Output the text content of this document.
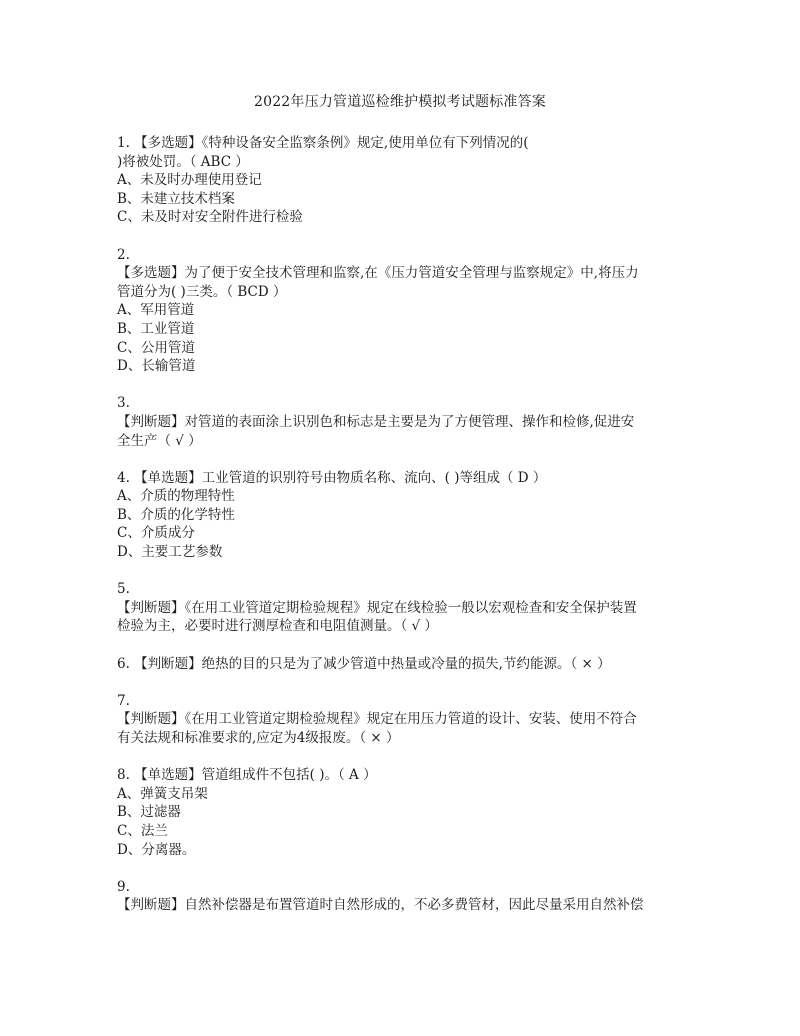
2022年压力管道巡检维护模拟考试题标准答案
1. 【多选题】《特种设备安全监察条例》规定,使用单位有下列情况的(
)将被处罚。（ ABC ）
A、未及时办理使用登记
B、未建立技术档案
C、未及时对安全附件进行检验
2.
【多选题】为了便于安全技术管理和监察,在《压力管道安全管理与监察规定》中,将压力
管道分为( )三类。（ BCD ）
A、军用管道
B、工业管道
C、公用管道
D、长输管道
3.
【判断题】对管道的表面涂上识别色和标志是主要是为了方便管理、操作和检修,促进安
全生产（ √ ）
4. 【单选题】工业管道的识别符号由物质名称、流向、( )等组成（ D ）
A、介质的物理特性
B、介质的化学特性
C、介质成分
D、主要工艺参数
5.
【判断题】《在用工业管道定期检验规程》规定在线检验一般以宏观检查和安全保护装置
检验为主，必要时进行测厚检查和电阻值测量。（ √ ）
6. 【判断题】绝热的目的只是为了减少管道中热量或冷量的损失,节约能源。（ × ）
7.
【判断题】《在用工业管道定期检验规程》规定在用压力管道的设计、安装、使用不符合
有关法规和标准要求的,应定为4级报废。（ × ）
8. 【单选题】管道组成件不包括( )。（ A ）
A、弹簧支吊架
B、过滤器
C、法兰
D、分离器。
9.
【判断题】自然补偿器是布置管道时自然形成的，不必多费管材，因此尽量采用自然补偿
